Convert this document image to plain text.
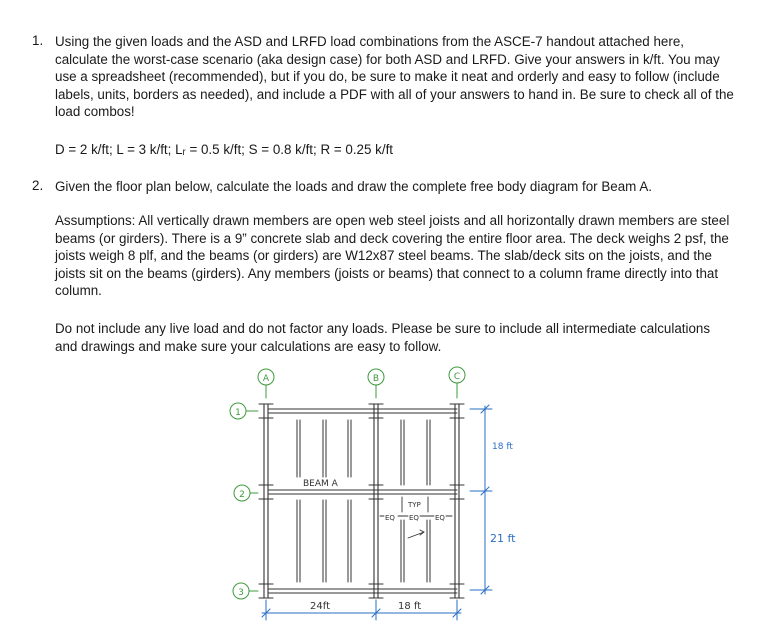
1. Using the given loads and the ASD and LRFD load combinations from the ASCE-7 handout attached here, calculate the worst-case scenario (aka design case) for both ASD and LRFD. Give your answers in k/ft. You may use a spreadsheet (recommended), but if you do, be sure to make it neat and orderly and easy to follow (include labels, units, borders as needed), and include a PDF with all of your answers to hand in. Be sure to check all of the load combos!

D = 2 k/ft; L = 3 k/ft; Lᵣ = 0.5 k/ft; S = 0.8 k/ft; R = 0.25 k/ft

2. Given the floor plan below, calculate the loads and draw the complete free body diagram for Beam A.

Assumptions: All vertically drawn members are open web steel joists and all horizontally drawn members are steel beams (or girders). There is a 9” concrete slab and deck covering the entire floor area. The deck weighs 2 psf, the joists weigh 8 plf, and the beams (or girders) are W12x87 steel beams. The slab/deck sits on the joists, and the joists sit on the beams (girders). Any members (joists or beams) that connect to a column frame directly into that column.

Do not include any live load and do not factor any loads. Please be sure to include all intermediate calculations and drawings and make sure your calculations are easy to follow.

A	B	C
1
2
3
BEAM A
TYP
EQ EQ EQ
18 ft
21 ft
24ft	18 ft
